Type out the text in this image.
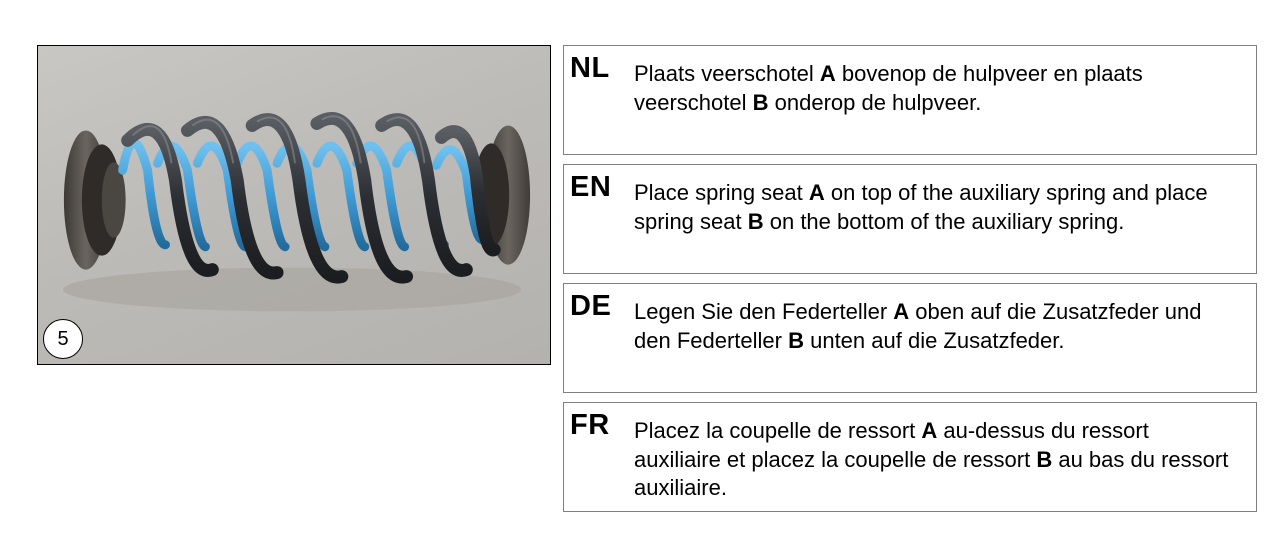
5
NL Plaats veerschotel A bovenop de hulpveer en plaats veerschotel B onderop de hulpveer.
EN Place spring seat A on top of the auxiliary spring and place spring seat B on the bottom of the auxiliary spring.
DE Legen Sie den Federteller A oben auf die Zusatzfeder und den Federteller B unten auf die Zusatzfeder.
FR Placez la coupelle de ressort A au-dessus du ressort auxiliaire et placez la coupelle de ressort B au bas du ressort auxiliaire.
